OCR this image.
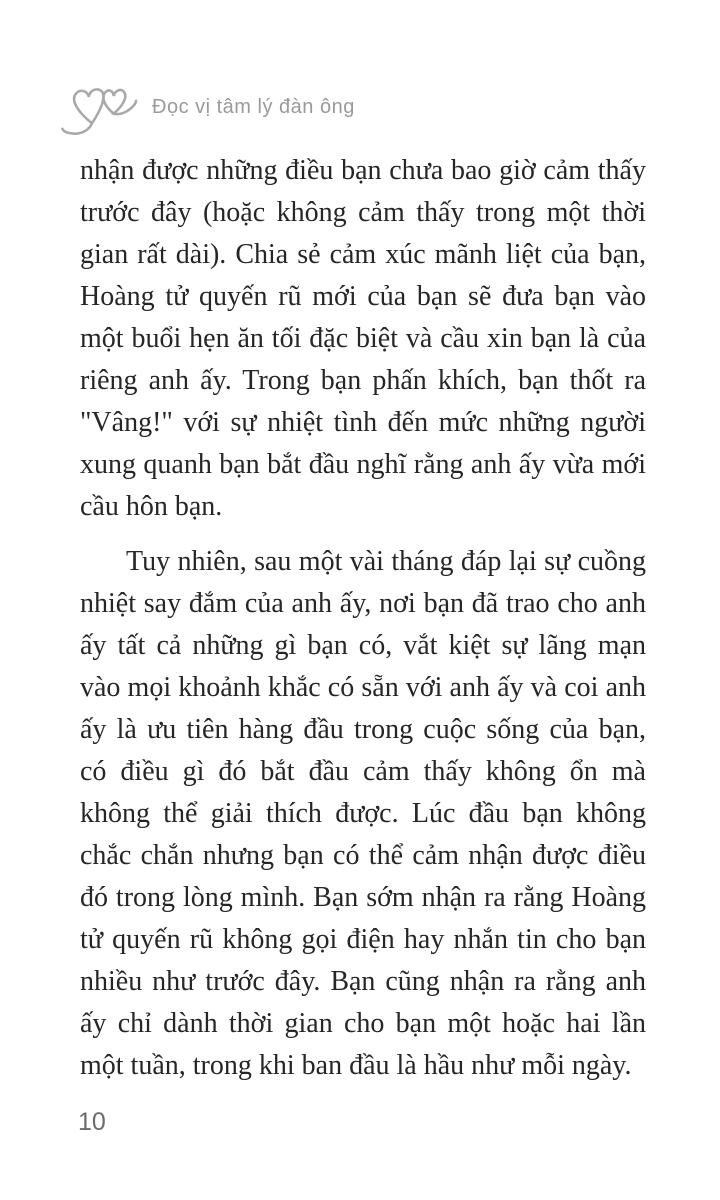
Đọc vị tâm lý đàn ông

nhận được những điều bạn chưa bao giờ cảm thấy trước đây (hoặc không cảm thấy trong một thời gian rất dài). Chia sẻ cảm xúc mãnh liệt của bạn, Hoàng tử quyến rũ mới của bạn sẽ đưa bạn vào một buổi hẹn ăn tối đặc biệt và cầu xin bạn là của riêng anh ấy. Trong bạn phấn khích, bạn thốt ra "Vâng!" với sự nhiệt tình đến mức những người xung quanh bạn bắt đầu nghĩ rằng anh ấy vừa mới cầu hôn bạn.

Tuy nhiên, sau một vài tháng đáp lại sự cuồng nhiệt say đắm của anh ấy, nơi bạn đã trao cho anh ấy tất cả những gì bạn có, vắt kiệt sự lãng mạn vào mọi khoảnh khắc có sẵn với anh ấy và coi anh ấy là ưu tiên hàng đầu trong cuộc sống của bạn, có điều gì đó bắt đầu cảm thấy không ổn mà không thể giải thích được. Lúc đầu bạn không chắc chắn nhưng bạn có thể cảm nhận được điều đó trong lòng mình. Bạn sớm nhận ra rằng Hoàng tử quyến rũ không gọi điện hay nhắn tin cho bạn nhiều như trước đây. Bạn cũng nhận ra rằng anh ấy chỉ dành thời gian cho bạn một hoặc hai lần một tuần, trong khi ban đầu là hầu như mỗi ngày.

10
